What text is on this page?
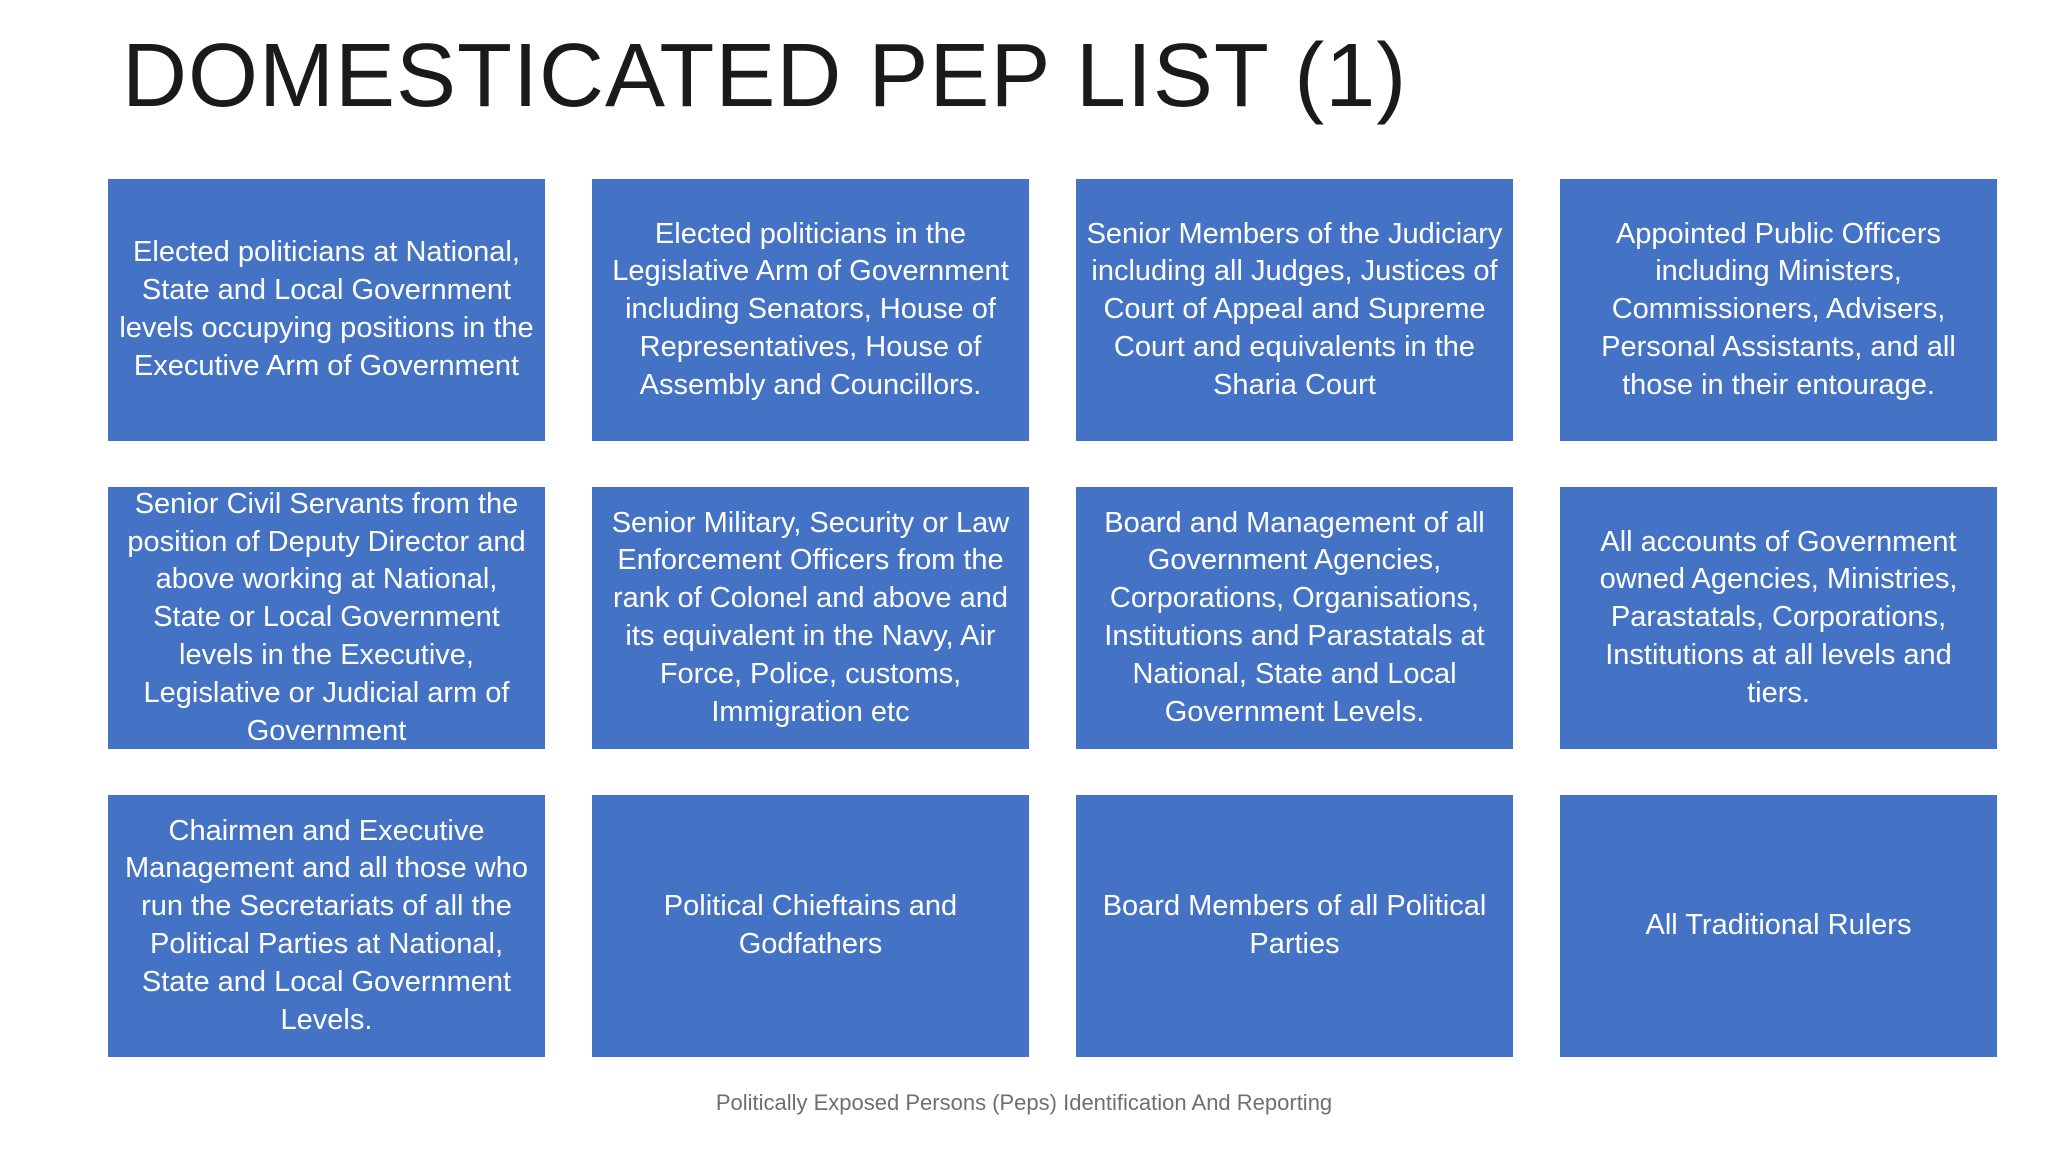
DOMESTICATED PEP LIST (1)
Elected politicians at National, State and Local Government levels occupying positions in the Executive Arm of Government
Elected politicians in the Legislative Arm of Government including Senators, House of Representatives, House of Assembly and Councillors.
Senior Members of the Judiciary including all Judges, Justices of Court of Appeal and Supreme Court and equivalents in the Sharia Court
Appointed Public Officers including Ministers, Commissioners, Advisers, Personal Assistants, and all those in their entourage.
Senior Civil Servants from the position of Deputy Director and above working at National, State or Local Government levels in the Executive, Legislative or Judicial arm of Government
Senior Military, Security or Law Enforcement Officers from the rank of Colonel and above and its equivalent in the Navy, Air Force, Police, customs, Immigration etc
Board and Management of all Government Agencies, Corporations, Organisations, Institutions and Parastatals at National, State and Local Government Levels.
All accounts of Government owned Agencies, Ministries, Parastatals, Corporations, Institutions at all levels and tiers.
Chairmen and Executive Management and all those who run the Secretariats of all the Political Parties at National, State and Local Government Levels.
Political Chieftains and Godfathers
Board Members of all Political Parties
All Traditional Rulers

Politically Exposed Persons (Peps) Identification And Reporting
